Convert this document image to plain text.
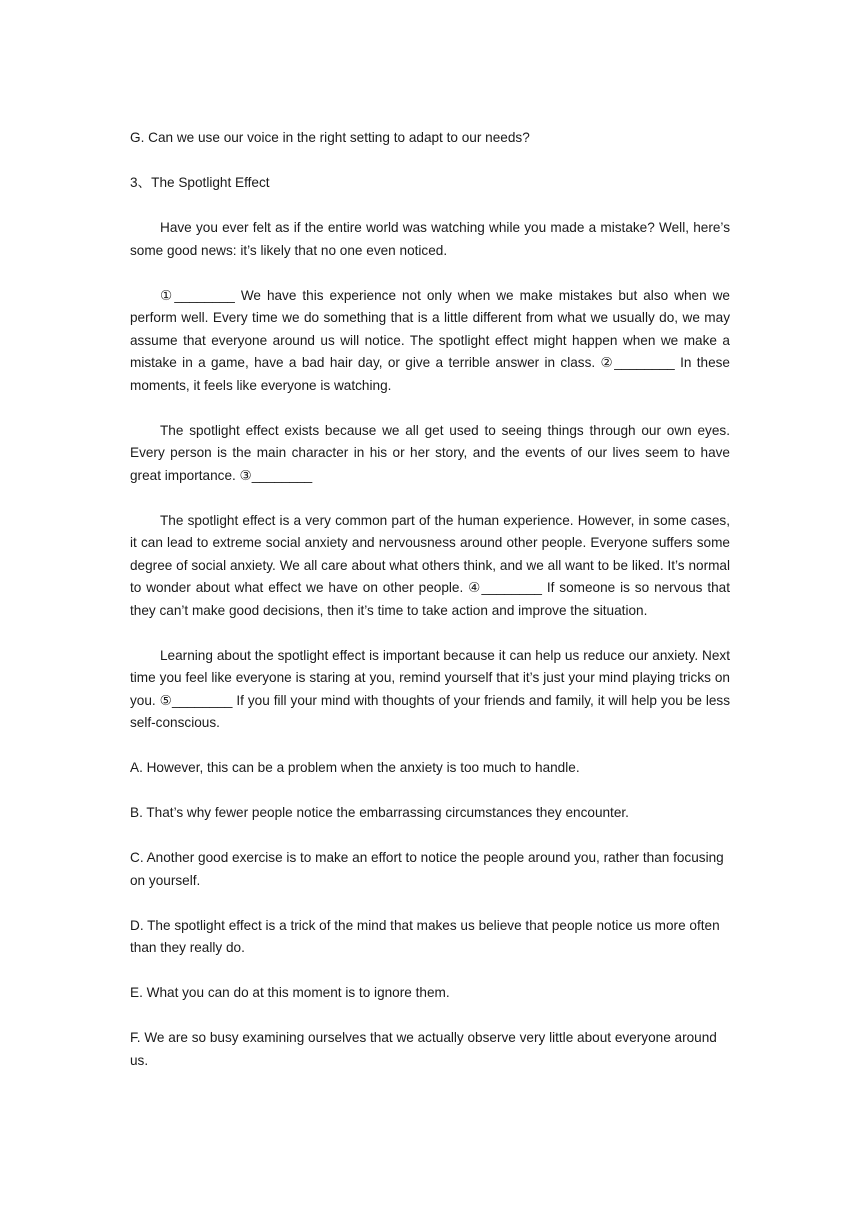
G. Can we use our voice in the right setting to adapt to our needs?

3、The Spotlight Effect

Have you ever felt as if the entire world was watching while you made a mistake? Well, here’s some good news: it’s likely that no one even noticed.

①________ We have this experience not only when we make mistakes but also when we perform well. Every time we do something that is a little different from what we usually do, we may assume that everyone around us will notice. The spotlight effect might happen when we make a mistake in a game, have a bad hair day, or give a terrible answer in class. ②________ In these moments, it feels like everyone is watching.

The spotlight effect exists because we all get used to seeing things through our own eyes. Every person is the main character in his or her story, and the events of our lives seem to have great importance. ③________

The spotlight effect is a very common part of the human experience. However, in some cases, it can lead to extreme social anxiety and nervousness around other people. Everyone suffers some degree of social anxiety. We all care about what others think, and we all want to be liked. It’s normal to wonder about what effect we have on other people. ④________ If someone is so nervous that they can’t make good decisions, then it’s time to take action and improve the situation.

Learning about the spotlight effect is important because it can help us reduce our anxiety. Next time you feel like everyone is staring at you, remind yourself that it’s just your mind playing tricks on you. ⑤________ If you fill your mind with thoughts of your friends and family, it will help you be less self-conscious.

A. However, this can be a problem when the anxiety is too much to handle.

B. That’s why fewer people notice the embarrassing circumstances they encounter.

C. Another good exercise is to make an effort to notice the people around you, rather than focusing on yourself.

D. The spotlight effect is a trick of the mind that makes us believe that people notice us more often than they really do.

E. What you can do at this moment is to ignore them.

F. We are so busy examining ourselves that we actually observe very little about everyone around us.
